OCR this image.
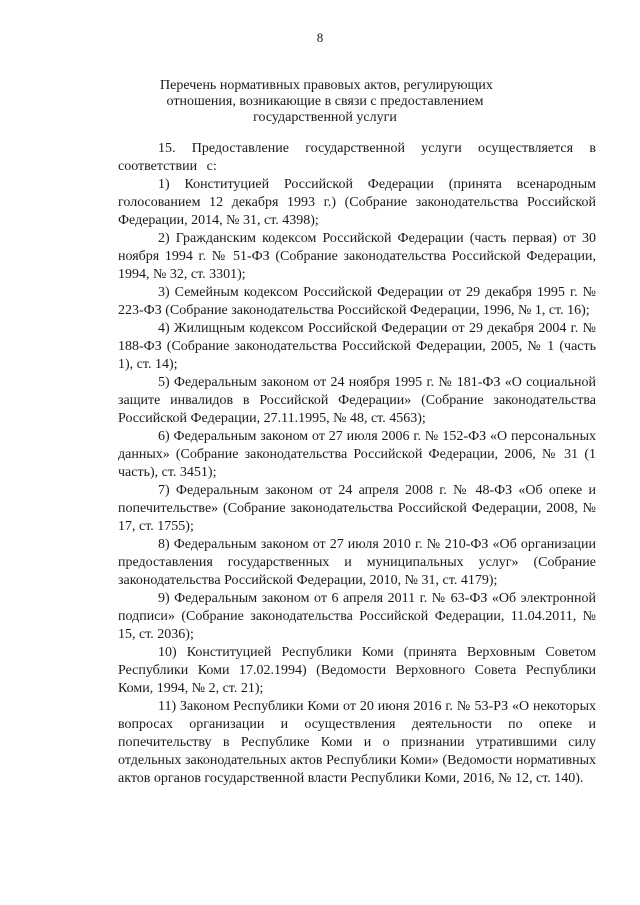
8
Перечень нормативных правовых актов, регулирующих
отношения, возникающие в связи с предоставлением
государственной услуги

15. Предоставление государственной услуги осуществляется в соответствии с:

1) Конституцией Российской Федерации (принята всенародным голосованием 12 декабря 1993 г.) (Собрание законодательства Российской Федерации, 2014, № 31, ст. 4398);

2) Гражданским кодексом Российской Федерации (часть первая) от 30 ноября 1994 г. № 51-ФЗ (Собрание законодательства Российской Федерации, 1994, № 32, ст. 3301);

3) Семейным кодексом Российской Федерации от 29 декабря 1995 г. № 223-ФЗ (Собрание законодательства Российской Федерации, 1996, № 1, ст. 16);

4) Жилищным кодексом Российской Федерации от 29 декабря 2004 г. № 188-ФЗ (Собрание законодательства Российской Федерации, 2005, № 1 (часть 1), ст. 14);

5) Федеральным законом от 24 ноября 1995 г. № 181-ФЗ «О социальной защите инвалидов в Российской Федерации» (Собрание законодательства Российской Федерации, 27.11.1995, № 48, ст. 4563);

6) Федеральным законом от 27 июля 2006 г. № 152-ФЗ «О персональных данных» (Собрание законодательства Российской Федерации, 2006, № 31 (1 часть), ст. 3451);

7) Федеральным законом от 24 апреля 2008 г. № 48-ФЗ «Об опеке и попечительстве» (Собрание законодательства Российской Федерации, 2008, № 17, ст. 1755);

8) Федеральным законом от 27 июля 2010 г. № 210-ФЗ «Об организации предоставления государственных и муниципальных услуг» (Собрание законодательства Российской Федерации, 2010, № 31, ст. 4179);

9) Федеральным законом от 6 апреля 2011 г. № 63-ФЗ «Об электронной подписи» (Собрание законодательства Российской Федерации, 11.04.2011, № 15, ст. 2036);

10) Конституцией Республики Коми (принята Верховным Советом Республики Коми 17.02.1994) (Ведомости Верховного Совета Республики Коми, 1994, № 2, ст. 21);

11) Законом Республики Коми от 20 июня 2016 г. № 53-РЗ «О некоторых вопросах организации и осуществления деятельности по опеке и попечительству в Республике Коми и о признании утратившими силу отдельных законодательных актов Республики Коми» (Ведомости нормативных актов органов государственной власти Республики Коми, 2016, № 12, ст. 140).
